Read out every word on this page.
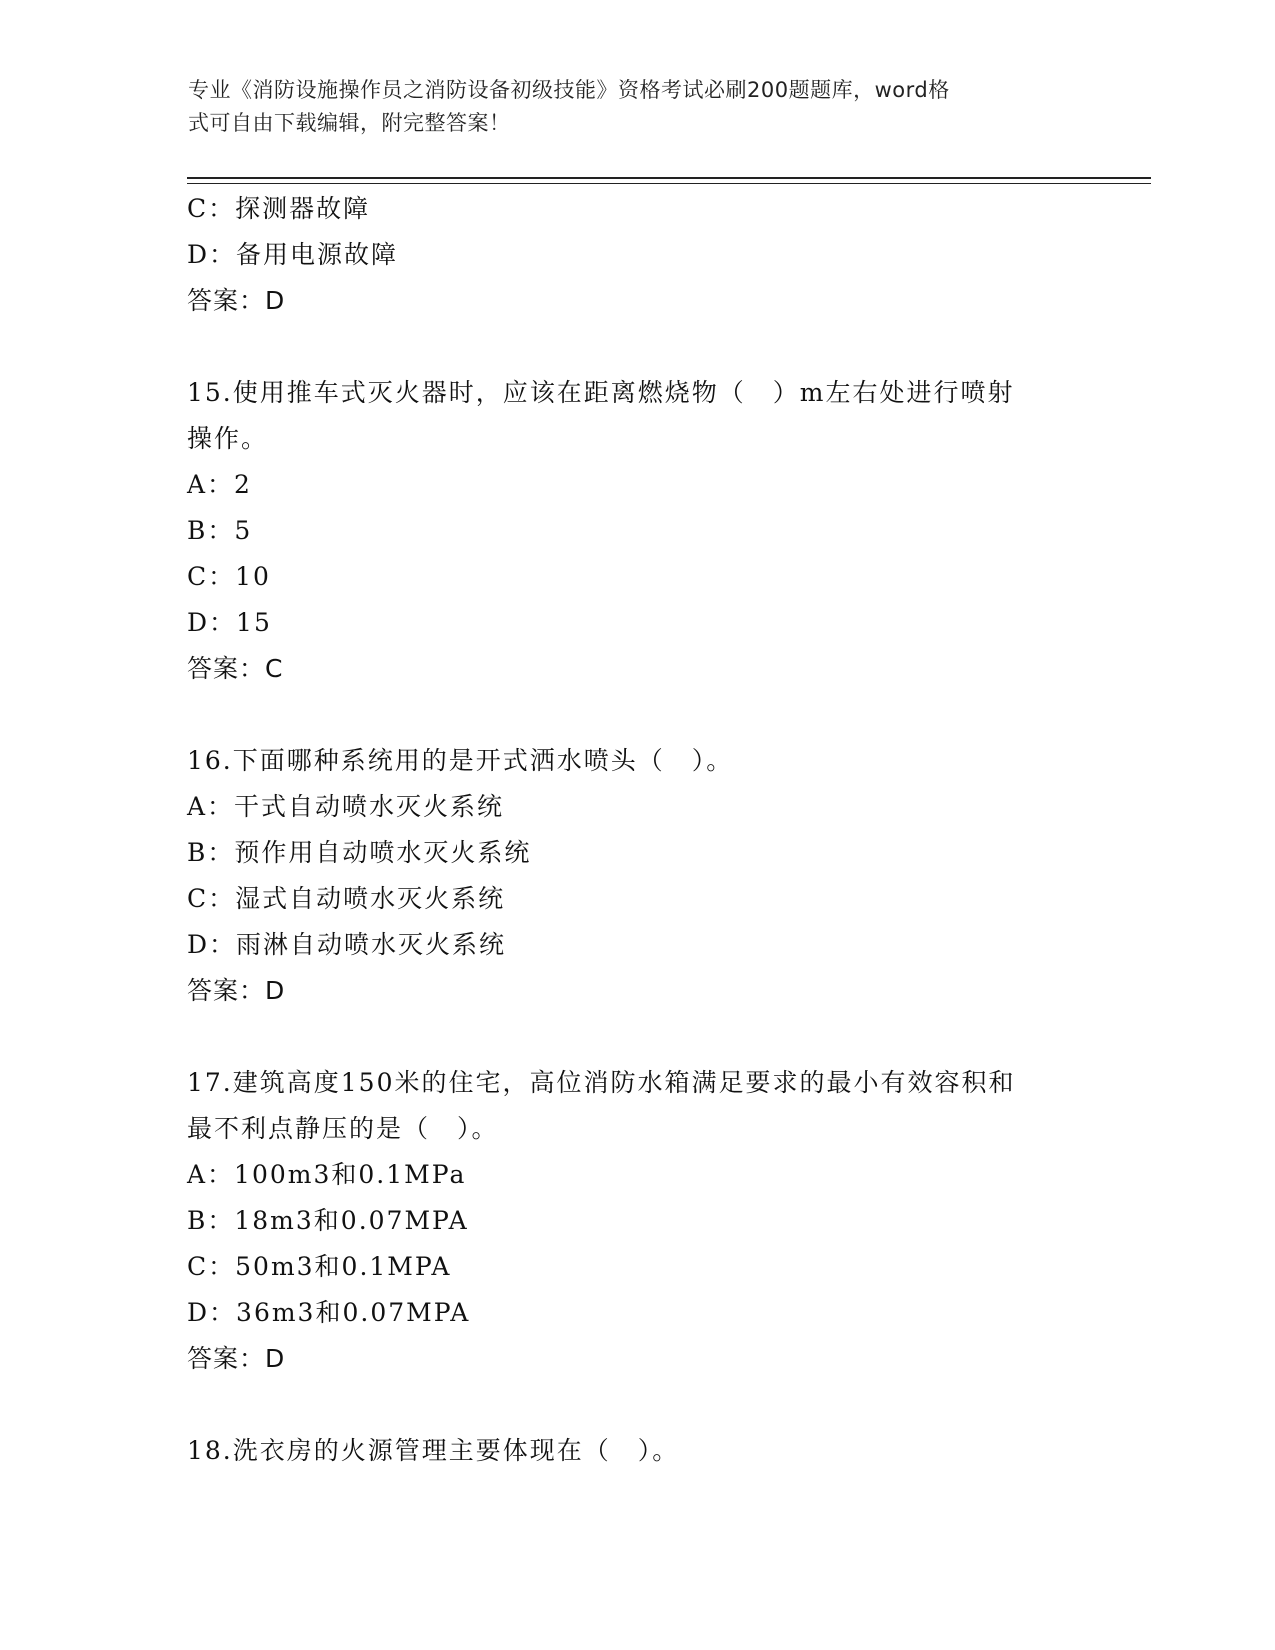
专业《消防设施操作员之消防设备初级技能》资格考试必刷200题题库，word格
式可自由下载编辑，附完整答案！
C：探测器故障
D：备用电源故障
答案：D
15.使用推车式灭火器时，应该在距离燃烧物（　）m左右处进行喷射
操作。
A：2
B：5
C：10
D：15
答案：C
16.下面哪种系统用的是开式洒水喷头（　）。
A：干式自动喷水灭火系统
B：预作用自动喷水灭火系统
C：湿式自动喷水灭火系统
D：雨淋自动喷水灭火系统
答案：D
17.建筑高度150米的住宅，高位消防水箱满足要求的最小有效容积和
最不利点静压的是（　）。
A：100m3和0.1MPa
B：18m3和0.07MPA
C：50m3和0.1MPA
D：36m3和0.07MPA
答案：D
18.洗衣房的火源管理主要体现在（　）。
